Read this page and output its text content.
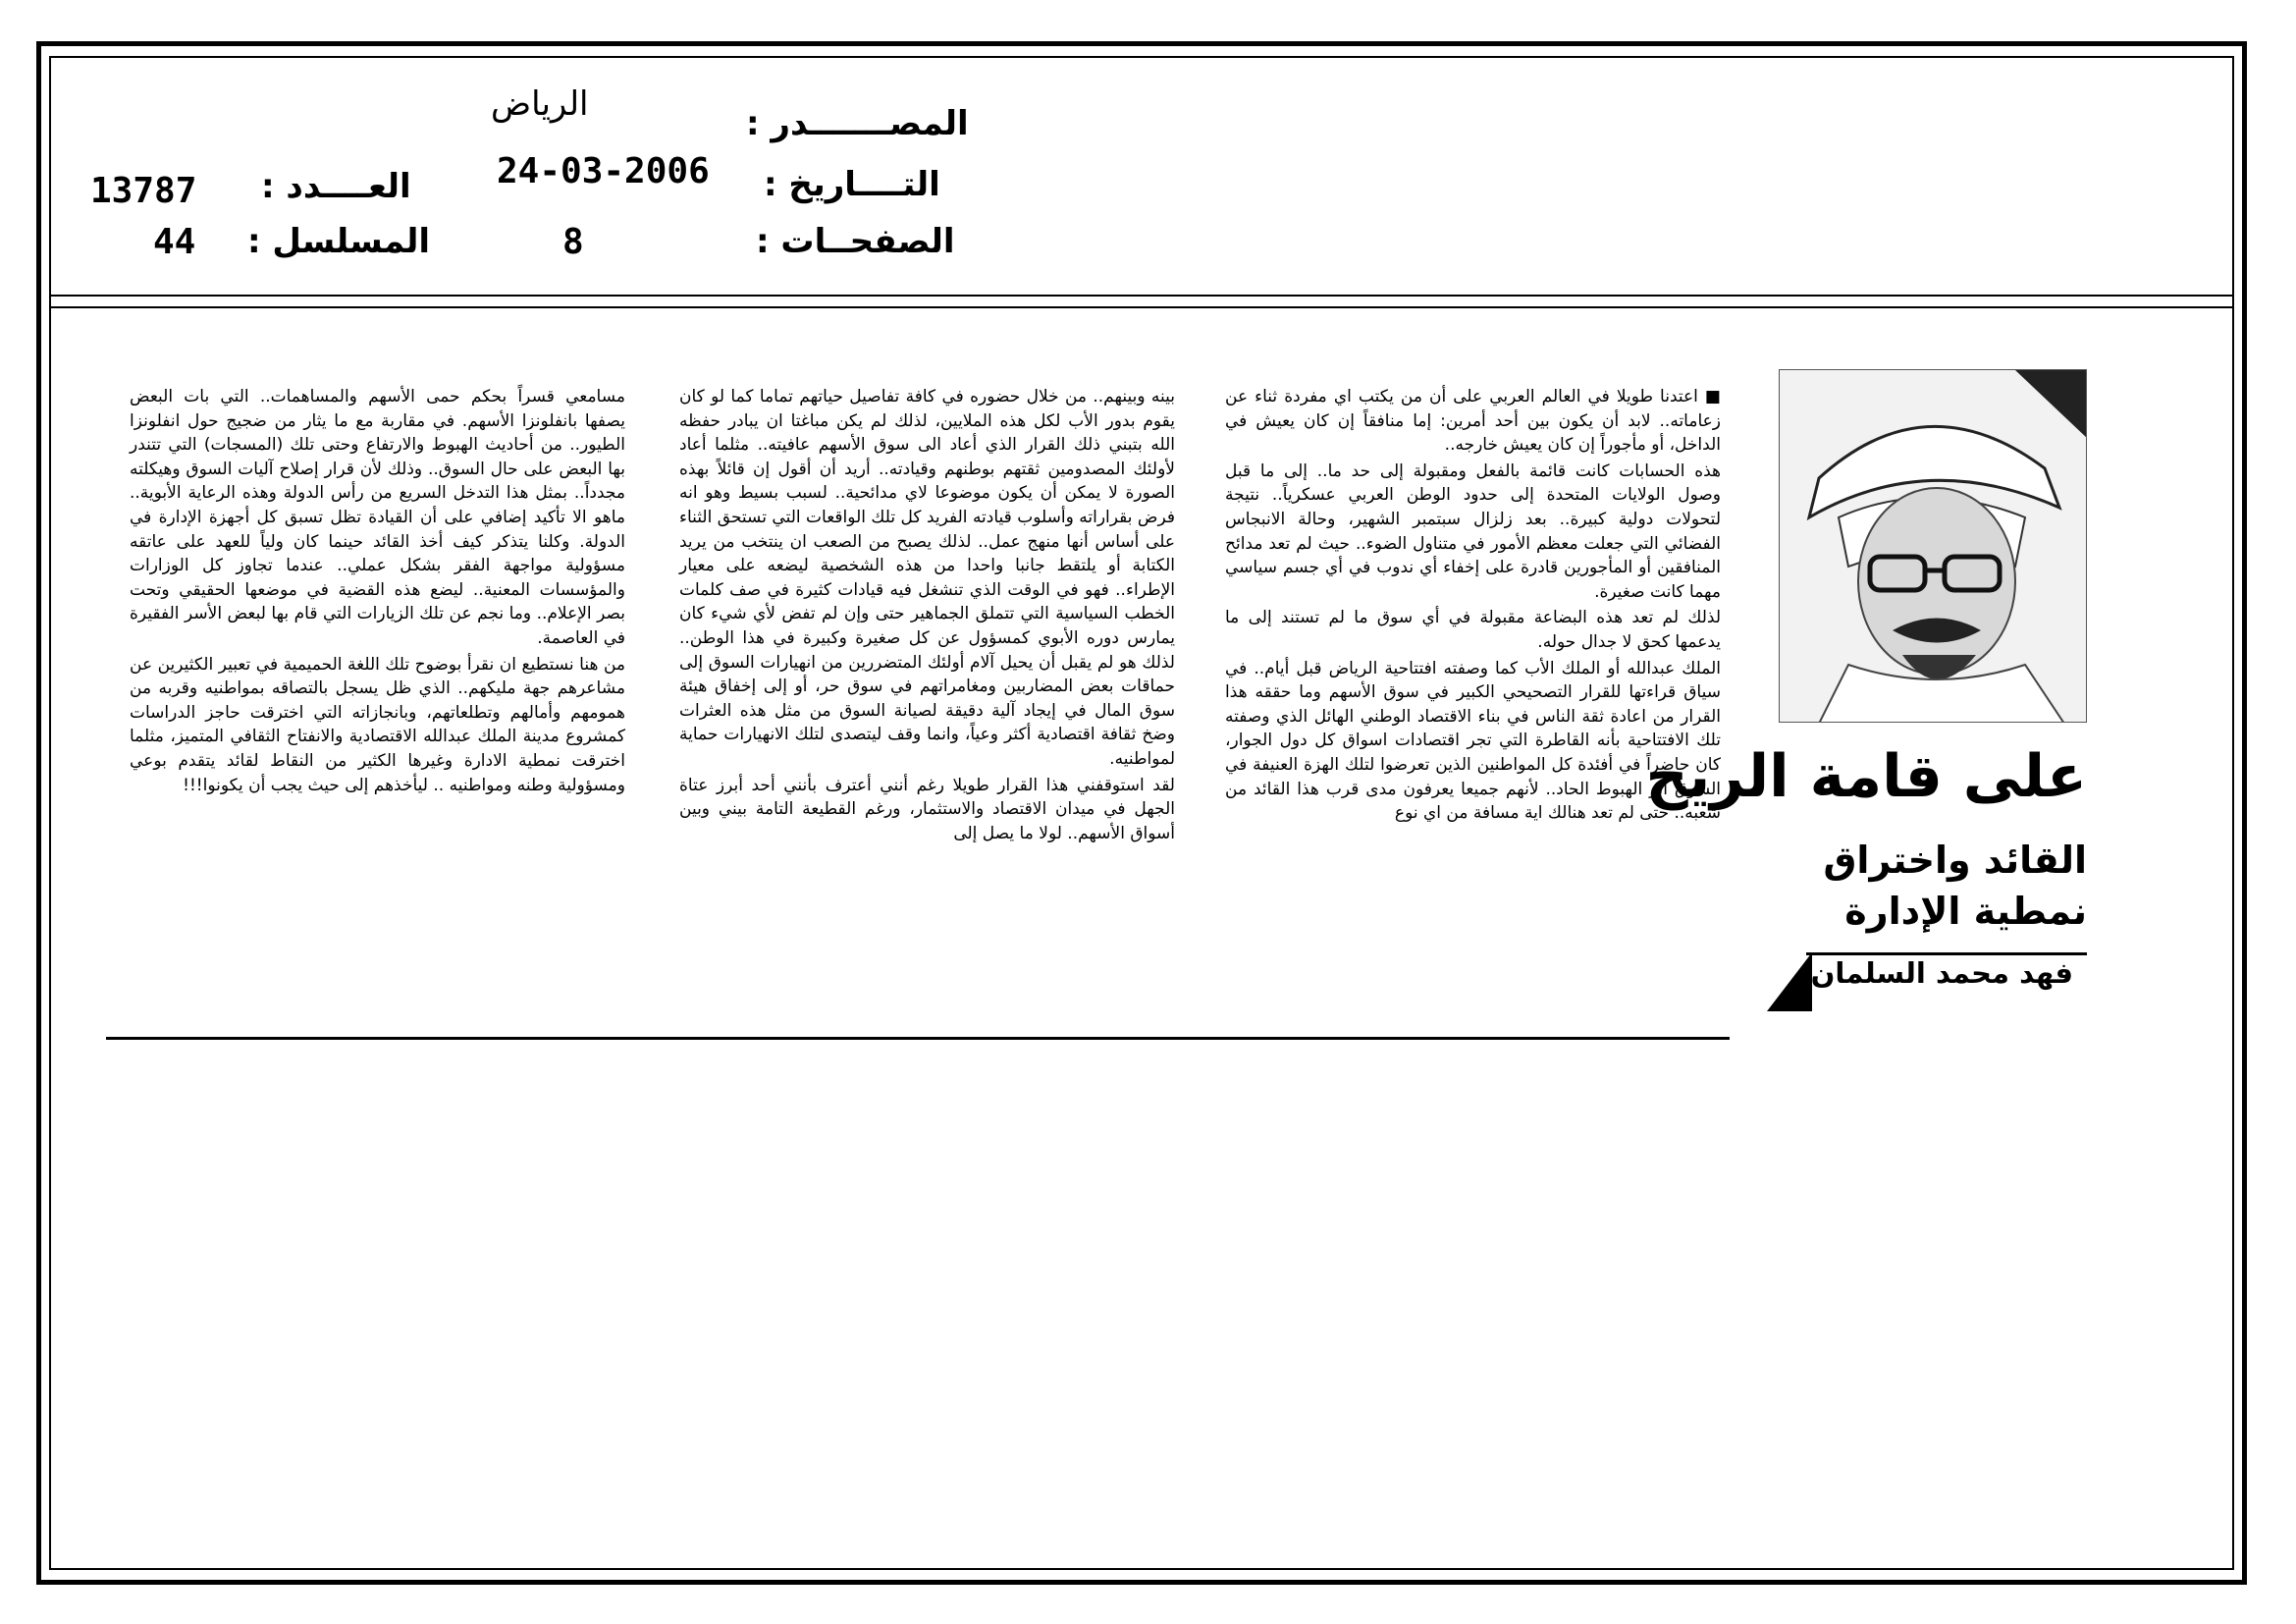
المصـــــــدر :
الرياض
التــــاريخ :
24-03-2006
الصفحــات :
8
العــــدد :
13787
المسلسل :
44

■ اعتدنا طويلا في العالم العربي على أن من يكتب اي مفردة ثناء عن زعاماته.. لابد أن يكون بين أحد أمرين: إما منافقاً إن كان يعيش في الداخل، أو مأجوراً إن كان يعيش خارجه..

هذه الحسابات كانت قائمة بالفعل ومقبولة إلى حد ما.. إلى ما قبل وصول الولايات المتحدة إلى حدود الوطن العربي عسكرياً.. نتيجة لتحولات دولية كبيرة.. بعد زلزال سبتمبر الشهير، وحالة الانبجاس الفضائي التي جعلت معظم الأمور في متناول الضوء.. حيث لم تعد مدائح المنافقين أو المأجورين قادرة على إخفاء أي ندوب في أي جسم سياسي مهما كانت صغيرة.

لذلك لم تعد هذه البضاعة مقبولة في أي سوق ما لم تستند إلى ما يدعمها كحق لا جدال حوله.

الملك عبدالله أو الملك الأب كما وصفته افتتاحية الرياض قبل أيام.. في سياق قراءتها للقرار التصحيحي الكبير في سوق الأسهم وما حققه هذا القرار من اعادة ثقة الناس في بناء الاقتصاد الوطني الهائل الذي وصفته تلك الافتتاحية بأنه القاطرة التي تجر اقتصادات اسواق كل دول الجوار، كان حاضراً في أفئدة كل المواطنين الذين تعرضوا لتلك الهزة العنيفة في السوق اثر الهبوط الحاد.. لأنهم جميعا يعرفون مدى قرب هذا القائد من شعبه.. حتى لم تعد هنالك اية مسافة من اي نوع

بينه وبينهم.. من خلال حضوره في كافة تفاصيل حياتهم تماما كما لو كان يقوم بدور الأب لكل هذه الملايين، لذلك لم يكن مباغتا ان يبادر حفظه الله بتبني ذلك القرار الذي أعاد الى سوق الأسهم عافيته.. مثلما أعاد لأولئك المصدومين ثقتهم بوطنهم وقيادته.. أريد أن أقول إن قائلاً بهذه الصورة لا يمكن أن يكون موضوعا لاي مدائحية.. لسبب بسيط وهو انه فرض بقراراته وأسلوب قيادته الفريد كل تلك الواقعات التي تستحق الثناء على أساس أنها منهج عمل.. لذلك يصبح من الصعب ان ينتخب من يريد الكتابة أو يلتقط جانبا واحدا من هذه الشخصية ليضعه على معيار الإطراء.. فهو في الوقت الذي تنشغل فيه قيادات كثيرة في صف كلمات الخطب السياسية التي تتملق الجماهير حتى وإن لم تفض لأي شيء كان يمارس دوره الأبوي كمسؤول عن كل صغيرة وكبيرة في هذا الوطن.. لذلك هو لم يقبل أن يحيل آلام أولئك المتضررين من انهيارات السوق إلى حماقات بعض المضاربين ومغامراتهم في سوق حر، أو إلى إخفاق هيئة سوق المال في إيجاد آلية دقيقة لصيانة السوق من مثل هذه العثرات وضخ ثقافة اقتصادية أكثر وعياً، وانما وقف ليتصدى لتلك الانهيارات حماية لمواطنيه.

لقد استوقفني هذا القرار طويلا رغم أنني أعترف بأنني أحد أبرز عتاة الجهل في ميدان الاقتصاد والاستثمار، ورغم القطيعة التامة بيني وبين أسواق الأسهم.. لولا ما يصل إلى

مسامعي قسراً بحكم حمى الأسهم والمساهمات.. التي بات البعض يصفها بانفلونزا الأسهم. في مقاربة مع ما يثار من ضجيج حول انفلونزا الطيور.. من أحاديث الهبوط والارتفاع وحتى تلك (المسجات) التي تتندر بها البعض على حال السوق.. وذلك لأن قرار إصلاح آليات السوق وهيكلته مجدداً.. بمثل هذا التدخل السريع من رأس الدولة وهذه الرعاية الأبوية.. ماهو الا تأكيد إضافي على أن القيادة تظل تسبق كل أجهزة الإدارة في الدولة. وكلنا يتذكر كيف أخذ القائد حينما كان ولياً للعهد على عاتقه مسؤولية مواجهة الفقر بشكل عملي.. عندما تجاوز كل الوزارات والمؤسسات المعنية.. ليضع هذه القضية في موضعها الحقيقي وتحت بصر الإعلام.. وما نجم عن تلك الزيارات التي قام بها لبعض الأسر الفقيرة في العاصمة.

من هنا نستطيع ان نقرأ بوضوح تلك اللغة الحميمية في تعبير الكثيرين عن مشاعرهم جهة مليكهم.. الذي ظل يسجل بالتصاقه بمواطنيه وقربه من همومهم وأمالهم وتطلعاتهم، وبانجازاته التي اخترقت حاجز الدراسات كمشروع مدينة الملك عبدالله الاقتصادية والانفتاح الثقافي المتميز، مثلما اخترقت نمطية الادارة وغيرها الكثير من النقاط لقائد يتقدم بوعي ومسؤولية وطنه ومواطنيه .. ليأخذهم إلى حيث يجب أن يكونوا!!!	على قامة الريح
القائد واختراق
نمطية الإدارة
فهد محمد السلمان
